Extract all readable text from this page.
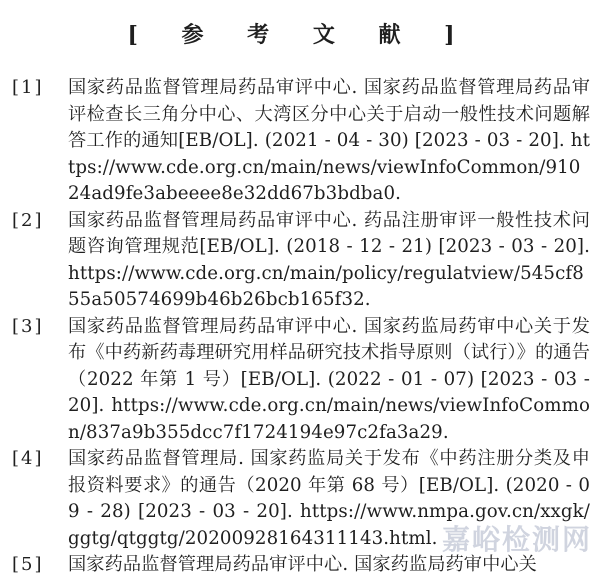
[ 参 考 文 献 ]
[1]	国家药品监督管理局药品审评中心. 国家药品监督管理局药品审评检查长三角分中心、大湾区分中心关于启动一般性技术问题解答工作的通知[EB/OL]. (2021 - 04 - 30) [2023 - 03 - 20]. https://www.cde.org.cn/main/news/viewInfoCommon/91024ad9fe3abeeee8e32dd67b3bdba0.
[2]	国家药品监督管理局药品审评中心. 药品注册审评一般性技术问题咨询管理规范[EB/OL]. (2018 - 12 - 21) [2023 - 03 - 20]. https://www.cde.org.cn/main/policy/regulatview/545cf855a50574699b46b26bcb165f32.
[3]	国家药品监督管理局药品审评中心. 国家药监局药审中心关于发布《中药新药毒理研究用样品研究技术指导原则（试行）》的通告（2022 年第 1 号）[EB/OL]. (2022 - 01 - 07) [2023 - 03 - 20]. https://www.cde.org.cn/main/news/viewInfoCommon/837a9b355dcc7f1724194e97c2fa3a29.
[4]	国家药品监督管理局. 国家药监局关于发布《中药注册分类及申报资料要求》的通告（2020 年第 68 号）[EB/OL]. (2020 - 09 - 28) [2023 - 03 - 20]. https://www.nmpa.gov.cn/xxgk/ggtg/qtggtg/20200928164311143.html.
[5]	国家药品监督管理局药品审评中心. 国家药监局药审中心关
嘉峪检测网
